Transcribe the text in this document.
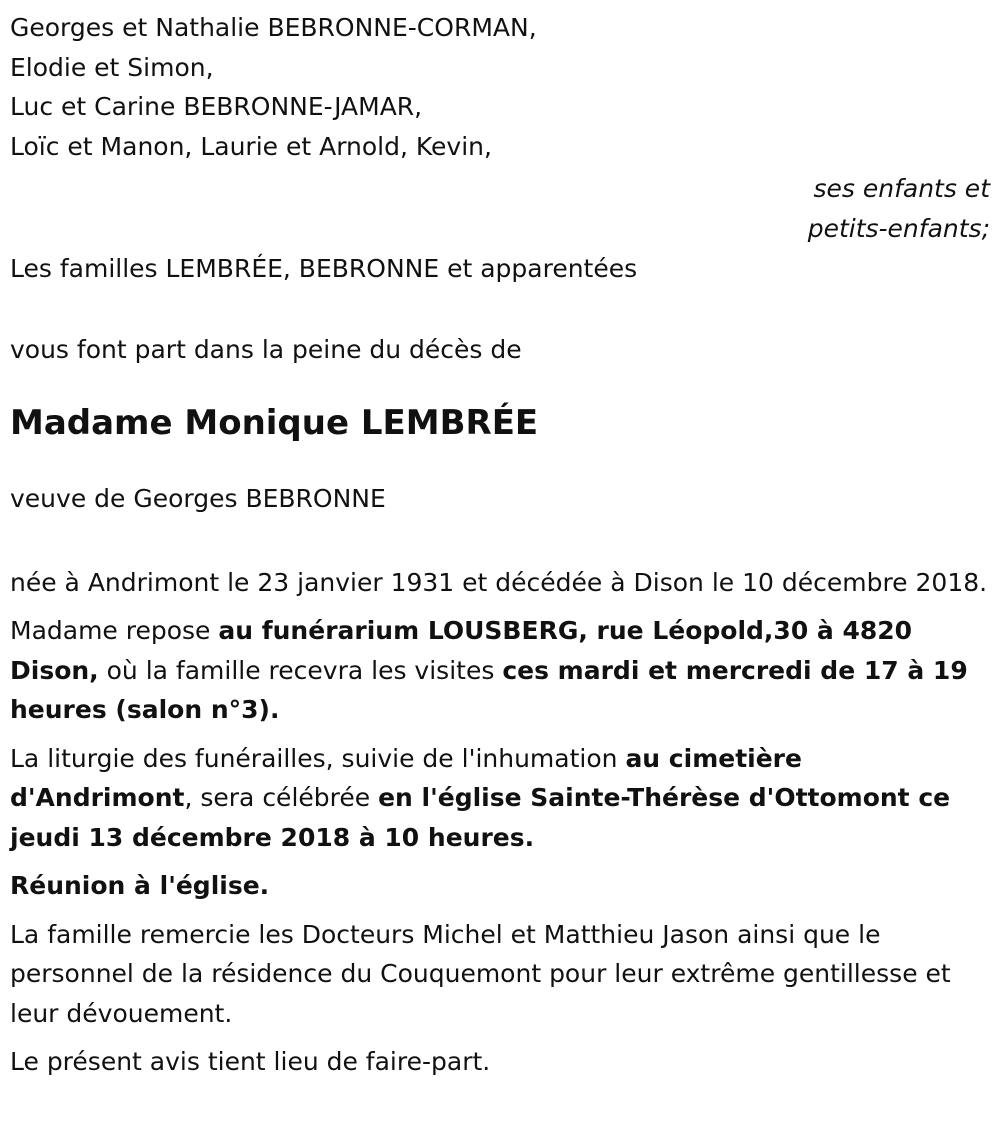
Georges et Nathalie BEBRONNE-CORMAN,
Elodie et Simon,
Luc et Carine BEBRONNE-JAMAR,
Loïc et Manon, Laurie et Arnold, Kevin,
ses enfants et
petits-enfants;
Les familles LEMBRÉE, BEBRONNE et apparentées
vous font part dans la peine du décès de
Madame Monique LEMBRÉE
veuve de Georges BEBRONNE

née à Andrimont le 23 janvier 1931 et décédée à Dison le 10 décembre 2018.

Madame repose au funérarium LOUSBERG, rue Léopold,30 à 4820 Dison, où la famille recevra les visites ces mardi et mercredi de 17 à 19 heures (salon n°3).

La liturgie des funérailles, suivie de l'inhumation au cimetière d'Andrimont, sera célébrée en l'église Sainte-Thérèse d'Ottomont ce jeudi 13 décembre 2018 à 10 heures.

Réunion à l'église.

La famille remercie les Docteurs Michel et Matthieu Jason ainsi que le personnel de la résidence du Couquemont pour leur extrême gentillesse et leur dévouement.

Le présent avis tient lieu de faire-part.
